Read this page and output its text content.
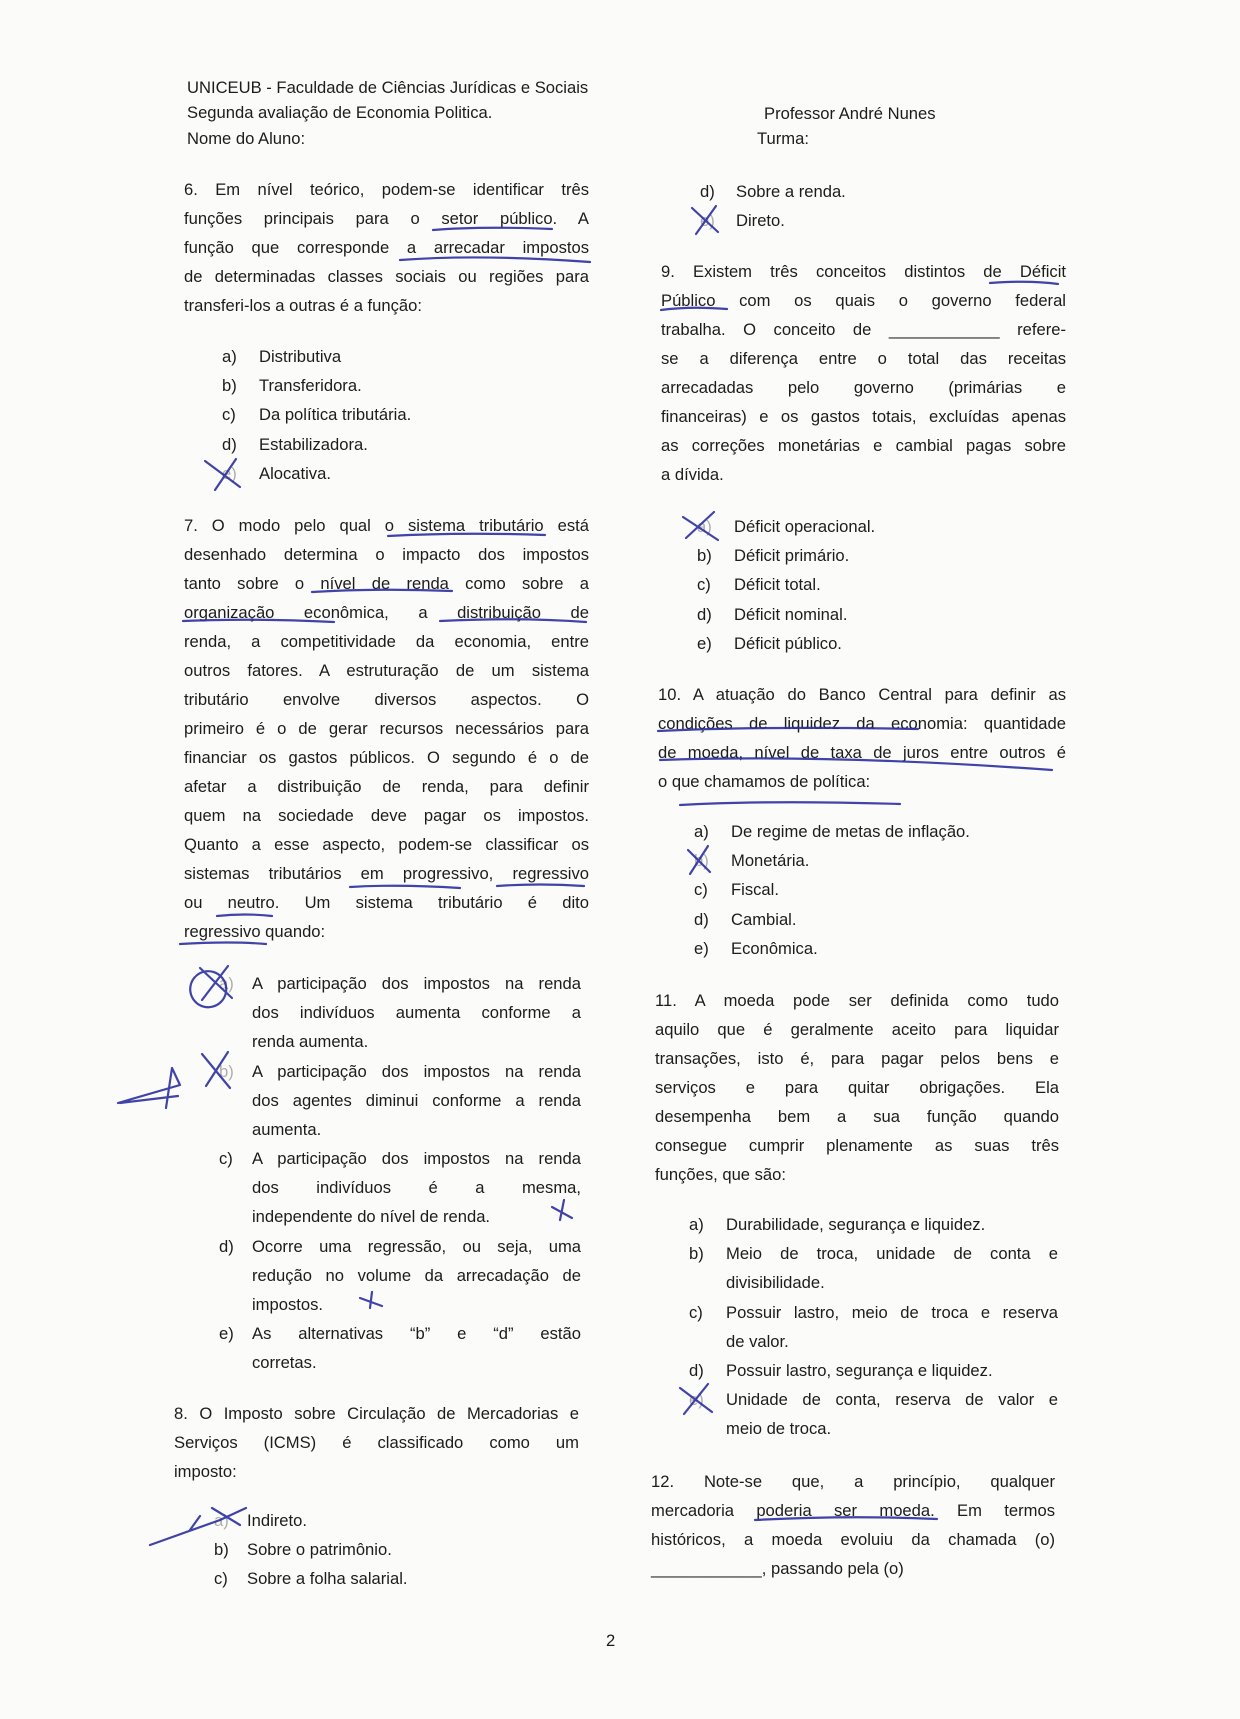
UNICEUB - Faculdade de Ciências Jurídicas e Sociais
Segunda avaliação de Economia Politica.
Nome do Aluno:
Professor André Nunes
Turma:
6. Em nível teórico, podem-se identificar três
funções principais para o setor público. A
função que corresponde a arrecadar impostos
de determinadas classes sociais ou regiões para
transferi-los a outras é a função:
a) Distributiva
b) Transferidora.
c) Da política tributária.
d) Estabilizadora.
e) Alocativa.
7. O modo pelo qual o sistema tributário está
desenhado determina o impacto dos impostos
tanto sobre o nível de renda como sobre a
organização econômica, a distribuição de
renda, a competitividade da economia, entre
outros fatores. A estruturação de um sistema
tributário envolve diversos aspectos. O
primeiro é o de gerar recursos necessários para
financiar os gastos públicos. O segundo é o de
afetar a distribuição de renda, para definir
quem na sociedade deve pagar os impostos.
Quanto a esse aspecto, podem-se classificar os
sistemas tributários em progressivo, regressivo
ou neutro. Um sistema tributário é dito
regressivo quando:
a) A participação dos impostos na renda
dos indivíduos aumenta conforme a
renda aumenta.
b) A participação dos impostos na renda
dos agentes diminui conforme a renda
aumenta.
c) A participação dos impostos na renda
dos indivíduos é a mesma,
independente do nível de renda.
d) Ocorre uma regressão, ou seja, uma
redução no volume da arrecadação de
impostos.
e) As alternativas “b” e “d” estão
corretas.
8. O Imposto sobre Circulação de Mercadorias e
Serviços (ICMS) é classificado como um
imposto:
a) Indireto.
b) Sobre o patrimônio.
c) Sobre a folha salarial.
d) Sobre a renda.
e) Direto.
9. Existem três conceitos distintos de Déficit
Público com os quais o governo federal
trabalha. O conceito de ____________ refere-
se a diferença entre o total das receitas
arrecadadas pelo governo (primárias e
financeiras) e os gastos totais, excluídas apenas
as correções monetárias e cambial pagas sobre
a dívida.
a) Déficit operacional.
b) Déficit primário.
c) Déficit total.
d) Déficit nominal.
e) Déficit público.
10. A atuação do Banco Central para definir as
condições de liquidez da economia: quantidade
de moeda, nível de taxa de juros entre outros é
o que chamamos de política:
a) De regime de metas de inflação.
b) Monetária.
c) Fiscal.
d) Cambial.
e) Econômica.
11. A moeda pode ser definida como tudo
aquilo que é geralmente aceito para liquidar
transações, isto é, para pagar pelos bens e
serviços e para quitar obrigações. Ela
desempenha bem a sua função quando
consegue cumprir plenamente as suas três
funções, que são:
a) Durabilidade, segurança e liquidez.
b) Meio de troca, unidade de conta e
divisibilidade.
c) Possuir lastro, meio de troca e reserva
de valor.
d) Possuir lastro, segurança e liquidez.
e) Unidade de conta, reserva de valor e
meio de troca.
12. Note-se que, a princípio, qualquer
mercadoria poderia ser moeda. Em termos
históricos, a moeda evoluiu da chamada (o)
____________, passando pela (o)
2
